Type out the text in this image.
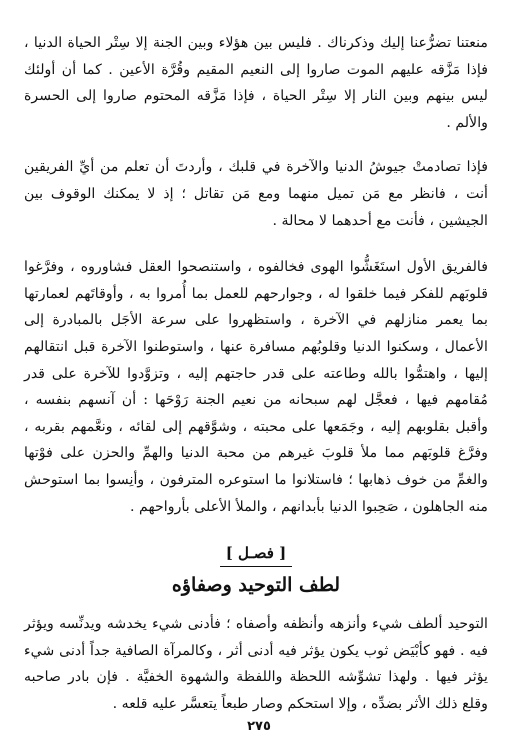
منعتنا تضرُّعنا إليك وذكرناك . فليس بين هؤلاء وبين الجنة إلا سِتْر الحياة الدنيا ، فإذا مَزَّقه عليهم الموت صاروا إلى النعيم المقيم وقُرَّة الأعين . كما أن أولئك ليس بينهم وبين النار إلا سِتْر الحياة ، فإذا مَزَّقه المحتوم صاروا إلى الحسرة والألم .

فإذا تصادمتْ جيوشُ الدنيا والآخرة في قلبك ، وأردتَ أن تعلم من أيِّ الفريقين أنت ، فانظر مع مَن تميل منهما ومع مَن تقاتل ؛ إذ لا يمكنك الوقوف بين الجيشين ، فأنت مع أحدهما لا محالة .

فالفريق الأول استَغَشُّوا الهوى فخالفوه ، واستنصحوا العقل فشاوروه ، وفرَّغوا قلوبَهم للفكر فيما خلقوا له ، وجوارحهم للعمل بما أُمروا به ، وأوقاتَهم لعمارتها بما يعمر منازلهم في الآخرة ، واستظهروا على سرعة الأجَل بالمبادرة إلى الأعمال ، وسكنوا الدنيا وقلوبُهم مسافرة عنها ، واستوطنوا الآخرة قبل انتقالهم إليها ، واهتمُّوا بالله وطاعته على قدر حاجتهم إليه ، وتزوَّدوا للآخرة على قدر مُقامهم فيها ، فعجَّل لهم سبحانه من نعيم الجنة رَوْحَها : أن آنسهم بنفسه ، وأقبل بقلوبهم إليه ، وجَمَعها على محبته ، وشوَّقهم إلى لقائه ، ونعَّمهم بقربه ، وفرَّغ قلوبَهم مما ملأ قلوبَ غيرهم من محبة الدنيا والهمِّ والحزن على فوْتها والغمِّ من خوف ذهابها ؛ فاستلانوا ما استوعره المترفون ، وأنِسوا بما استوحش منه الجاهلون ، صَحِبوا الدنيا بأبدانهم ، والملأ الأعلى بأرواحهم .

[ فصـل ]
لطف التوحيد وصفاؤه

التوحيد ألطف شيء وأنزهه وأنظفه وأصفاه ؛ فأدنى شيء يخدشه ويدنِّسه ويؤثر فيه . فهو كأبْيَض ثوب يكون يؤثر فيه أدنى أثر ، وكالمرآة الصافية جداً أدنى شيء يؤثر فيها . ولهذا تشوِّشه اللحظة واللفظة والشهوة الخفيَّة . فإن بادر صاحبه وقلع ذلك الأثر بضدِّه ، وإلا استحكم وصار طبعاً يتعسَّر عليه قلعه .

٢٧٥
